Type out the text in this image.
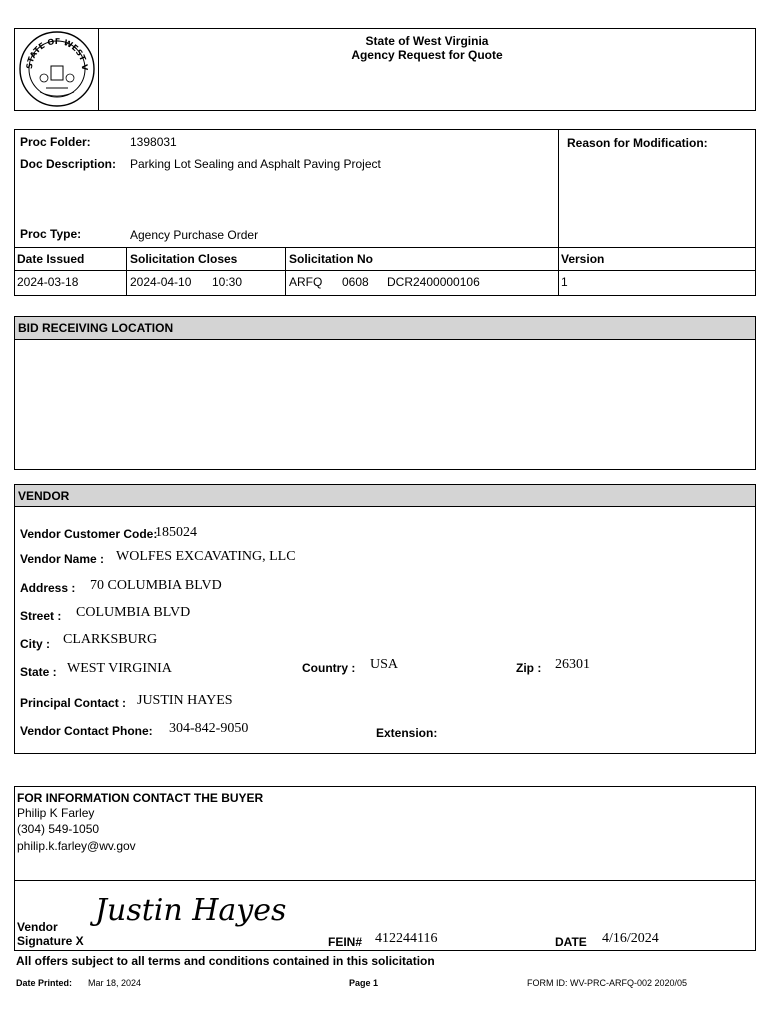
STATE OF WEST V
State of West Virginia
Agency Request for Quote
Proc Folder:	1398031
Doc Description: Parking Lot Sealing and Asphalt Paving Project
Proc Type:	Agency Purchase Order
Reason for Modification:
Date Issued	Solicitation Closes	Solicitation No	Version
2024-03-18	2024-04-10 10:30	ARFQ 0608 DCR2400000106	1
BID RECEIVING LOCATION
VENDOR
Vendor Customer Code:
185024
Vendor Name : WOLFES EXCAVATING, LLC
Address : 70 COLUMBIA BLVD
Street : COLUMBIA BLVD
City : CLARKSBURG
State : WEST VIRGINIA	Country : USA	Zip : 26301
Principal Contact : JUSTIN HAYES
Vendor Contact Phone: 304-842-9050	Extension:
FOR INFORMATION CONTACT THE BUYER
Philip K Farley
(304) 549-1050
philip.k.farley@wv.gov
Vendor
Signature X
Justin Hayes
FEIN# 412244116	DATE 4/16/2024
All offers subject to all terms and conditions contained in this solicitation
Date Printed: Mar 18, 2024	Page 1	FORM ID: WV-PRC-ARFQ-002 2020/05
